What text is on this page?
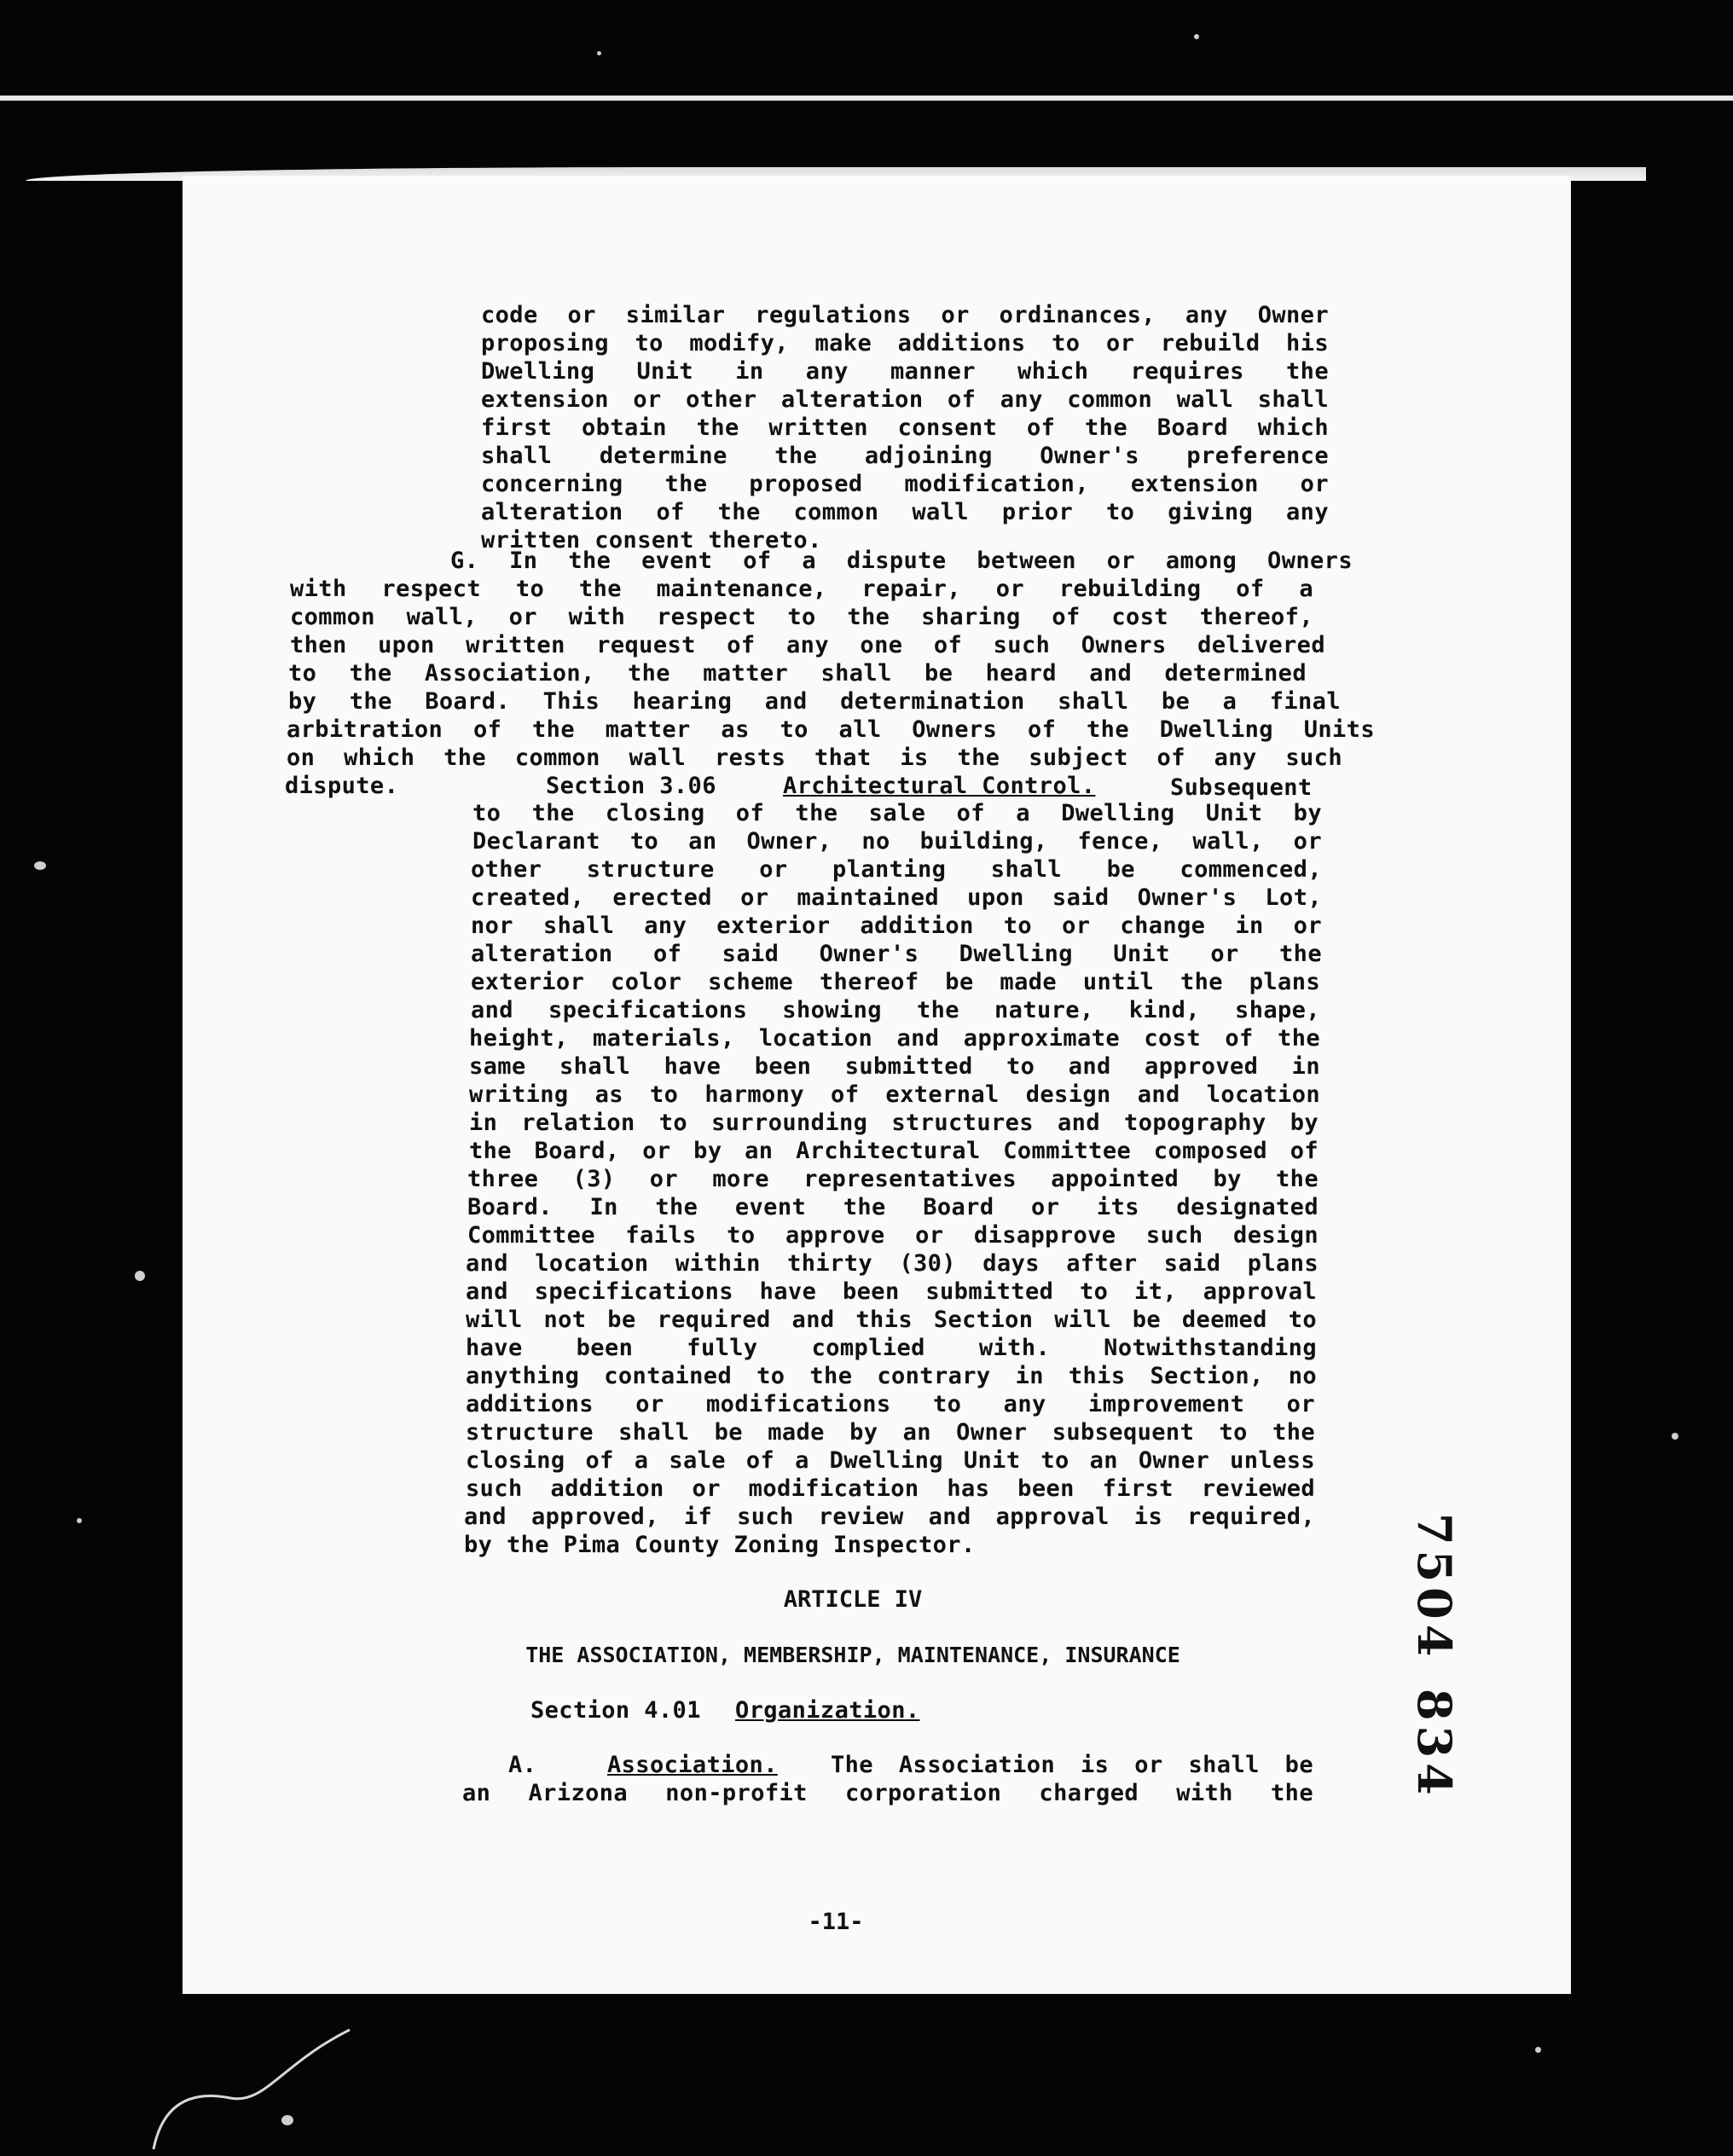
code or similar regulations or ordinances, any Owner
proposing to modify, make additions to or rebuild his
Dwelling Unit in any manner which requires the
extension or other alteration of any common wall shall
first obtain the written consent of the Board which
shall determine the adjoining Owner's preference
concerning the proposed modification, extension or
alteration of the common wall prior to giving any
written consent thereto.
G. In the event of a dispute between or among Owners
with respect to the maintenance, repair, or rebuilding of a
common wall, or with respect to the sharing of cost thereof,
then upon written request of any one of such Owners delivered
to the Association, the matter shall be heard and determined
by the Board. This hearing and determination shall be a final
arbitration of the matter as to all Owners of the Dwelling Units
on which the common wall rests that is the subject of any such
dispute.	Section 3.06	Architectural Control.	Subsequent
to the closing of the sale of a Dwelling Unit by
Declarant to an Owner, no building, fence, wall, or
other structure or planting shall be commenced,
created, erected or maintained upon said Owner's Lot,
nor shall any exterior addition to or change in or
alteration of said Owner's Dwelling Unit or the
exterior color scheme thereof be made until the plans
and specifications showing the nature, kind, shape,
height, materials, location and approximate cost of the
same shall have been submitted to and approved in
writing as to harmony of external design and location
in relation to surrounding structures and topography by
the Board, or by an Architectural Committee composed of
three (3) or more representatives appointed by the
Board. In the event the Board or its designated
Committee fails to approve or disapprove such design
and location within thirty (30) days after said plans
and specifications have been submitted to it, approval
will not be required and this Section will be deemed to
have been fully complied with. Notwithstanding
anything contained to the contrary in this Section, no
additions or modifications to any improvement or
structure shall be made by an Owner subsequent to the
closing of a sale of a Dwelling Unit to an Owner unless
such addition or modification has been first reviewed
and approved, if such review and approval is required,
by the Pima County Zoning Inspector.
ARTICLE IV
THE ASSOCIATION, MEMBERSHIP, MAINTENANCE, INSURANCE
Section 4.01 Organization.
A.	Association. The Association is or shall be
an Arizona non-profit corporation charged with the
-11-
7504
834
